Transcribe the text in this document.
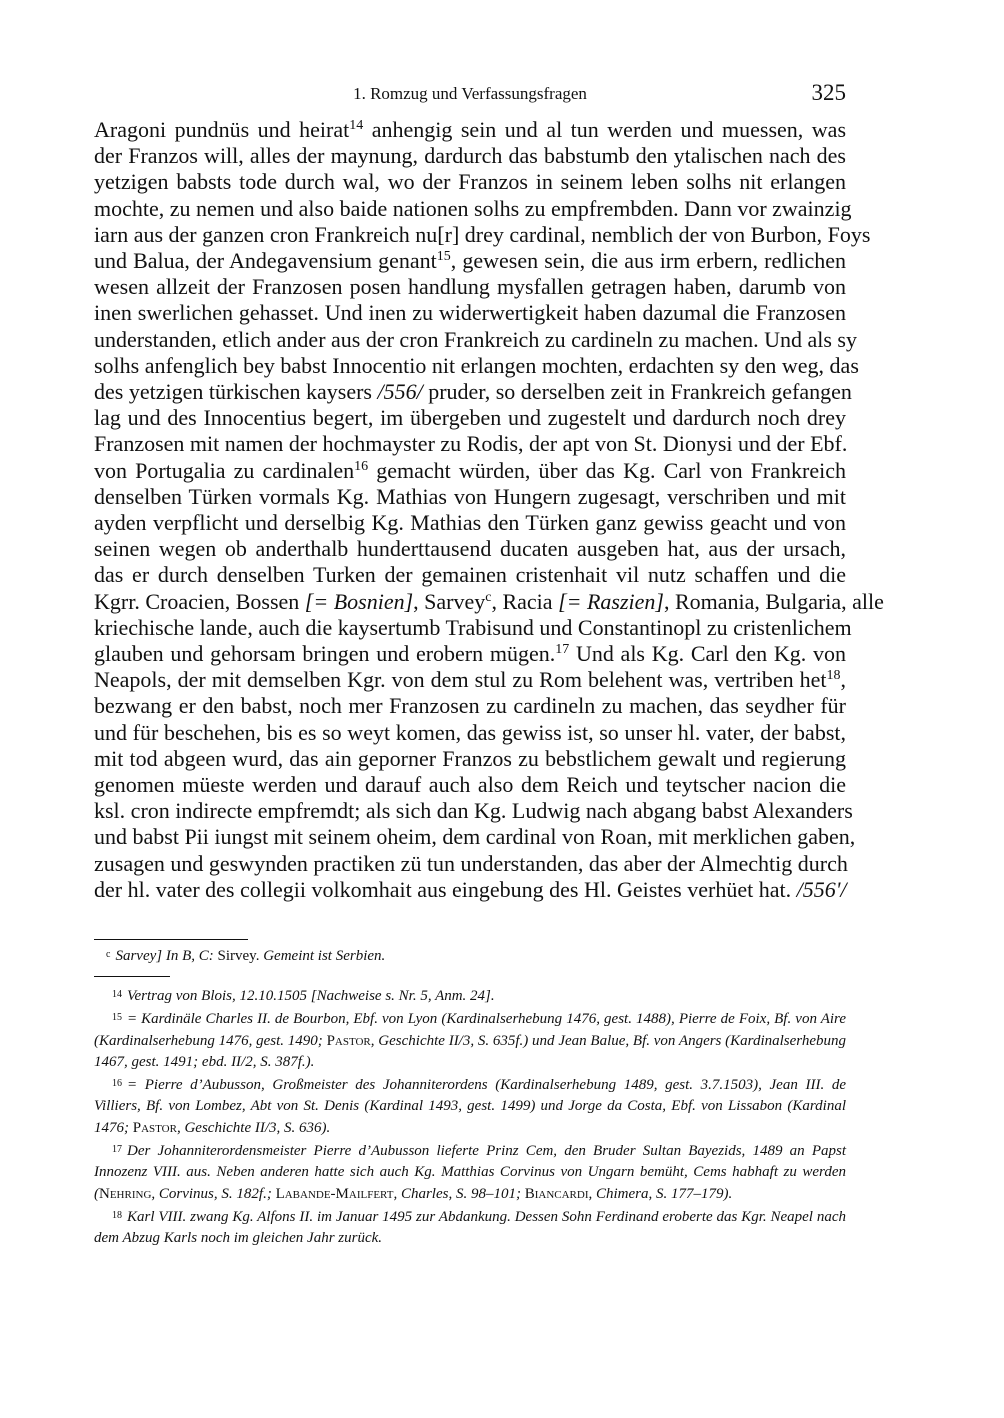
1. Romzug und Verfassungsfragen	325

Aragoni pundnüs und heirat$^{14}$ anhengig sein und al tun werden und muessen, was
der Franzos will, alles der maynung, dardurch das babstumb den ytalischen nach des
yetzigen babsts tode durch wal, wo der Franzos in seinem leben solhs nit erlangen
mochte, zu nemen und also baide nationen solhs zu empfrembden. Dann vor zwainzig
iarn aus der ganzen cron Frankreich nu[r] drey cardinal, nemblich der von Burbon, Foys
und Balua, der Andegavensium genant$^{15}$, gewesen sein, die aus irm erbern, redlichen
wesen allzeit der Franzosen posen handlung mysfallen getragen haben, darumb von
inen swerlichen gehasset. Und inen zu widerwertigkeit haben dazumal die Franzosen
understanden, etlich ander aus der cron Frankreich zu cardineln zu machen. Und als sy
solhs anfenglich bey babst Innocentio nit erlangen mochten, erdachten sy den weg, das
des yetzigen türkischen kaysers /556/ pruder, so derselben zeit in Frankreich gefangen
lag und des Innocentius begert, im übergeben und zugestelt und dardurch noch drey
Franzosen mit namen der hochmayster zu Rodis, der apt von St. Dionysi und der Ebf.
von Portugalia zu cardinalen$^{16}$ gemacht würden, über das Kg. Carl von Frankreich
denselben Türken vormals Kg. Mathias von Hungern zugesagt, verschriben und mit
ayden verpflicht und derselbig Kg. Mathias den Türken ganz gewiss geacht und von
seinen wegen ob anderthalb hunderttausend ducaten ausgeben hat, aus der ursach,
das er durch denselben Turken der gemainen cristenhait vil nutz schaffen und die
Kgrr. Croacien, Bossen [= Bosnien], Sarvey$^c$, Racia [= Raszien], Romania, Bulgaria, alle
kriechische lande, auch die kaysertumb Trabisund und Constantinopl zu cristenlichem
glauben und gehorsam bringen und erobern mügen.$^{17}$ Und als Kg. Carl den Kg. von
Neapols, der mit demselben Kgr. von dem stul zu Rom belehent was, vertriben het$^{18}$,
bezwang er den babst, noch mer Franzosen zu cardineln zu machen, das seydher für
und für beschehen, bis es so weyt komen, das gewiss ist, so unser hl. vater, der babst,
mit tod abgeen wurd, das ain geporner Franzos zu bebstlichem gewalt und regierung
genomen müeste werden und darauf auch also dem Reich und teytscher nacion die
ksl. cron indirecte empfremdt; als sich dan Kg. Ludwig nach abgang babst Alexanders
und babst Pii iungst mit seinem oheim, dem cardinal von Roan, mit merklichen gaben,
zusagen und geswynden practiken zü tun understanden, das aber der Almechtig durch
der hl. vater des collegii volkomhait aus eingebung des Hl. Geistes verhüet hat. /556'/

$^c$ Sarvey] In B, C: Sirvey. Gemeint ist Serbien.

$^{14}$ Vertrag von Blois, 12.10.1505 [Nachweise s. Nr. 5, Anm. 24].

$^{15}$ = Kardinäle Charles II. de Bourbon, Ebf. von Lyon (Kardinalserhebung 1476, gest. 1488), Pierre de Foix, Bf. von Aire (Kardinalserhebung 1476, gest. 1490; Pastor, Geschichte II/3, S. 635f.) und Jean Balue, Bf. von Angers (Kardinalserhebung 1467, gest. 1491; ebd. II/2, S. 387f.).

$^{16}$ = Pierre d’Aubusson, Großmeister des Johanniterordens (Kardinalserhebung 1489, gest. 3.7.1503), Jean III. de Villiers, Bf. von Lombez, Abt von St. Denis (Kardinal 1493, gest. 1499) und Jorge da Costa, Ebf. von Lissabon (Kardinal 1476; Pastor, Geschichte II/3, S. 636).

$^{17}$ Der Johanniterordensmeister Pierre d’Aubusson lieferte Prinz Cem, den Bruder Sultan Bayezids, 1489 an Papst Innozenz VIII. aus. Neben anderen hatte sich auch Kg. Matthias Corvinus von Ungarn bemüht, Cems habhaft zu werden (Nehring, Corvinus, S. 182f.; Labande-Mailfert, Charles, S. 98–101; Biancardi, Chimera, S. 177–179).

$^{18}$ Karl VIII. zwang Kg. Alfons II. im Januar 1495 zur Abdankung. Dessen Sohn Ferdinand eroberte das Kgr. Neapel nach dem Abzug Karls noch im gleichen Jahr zurück.
